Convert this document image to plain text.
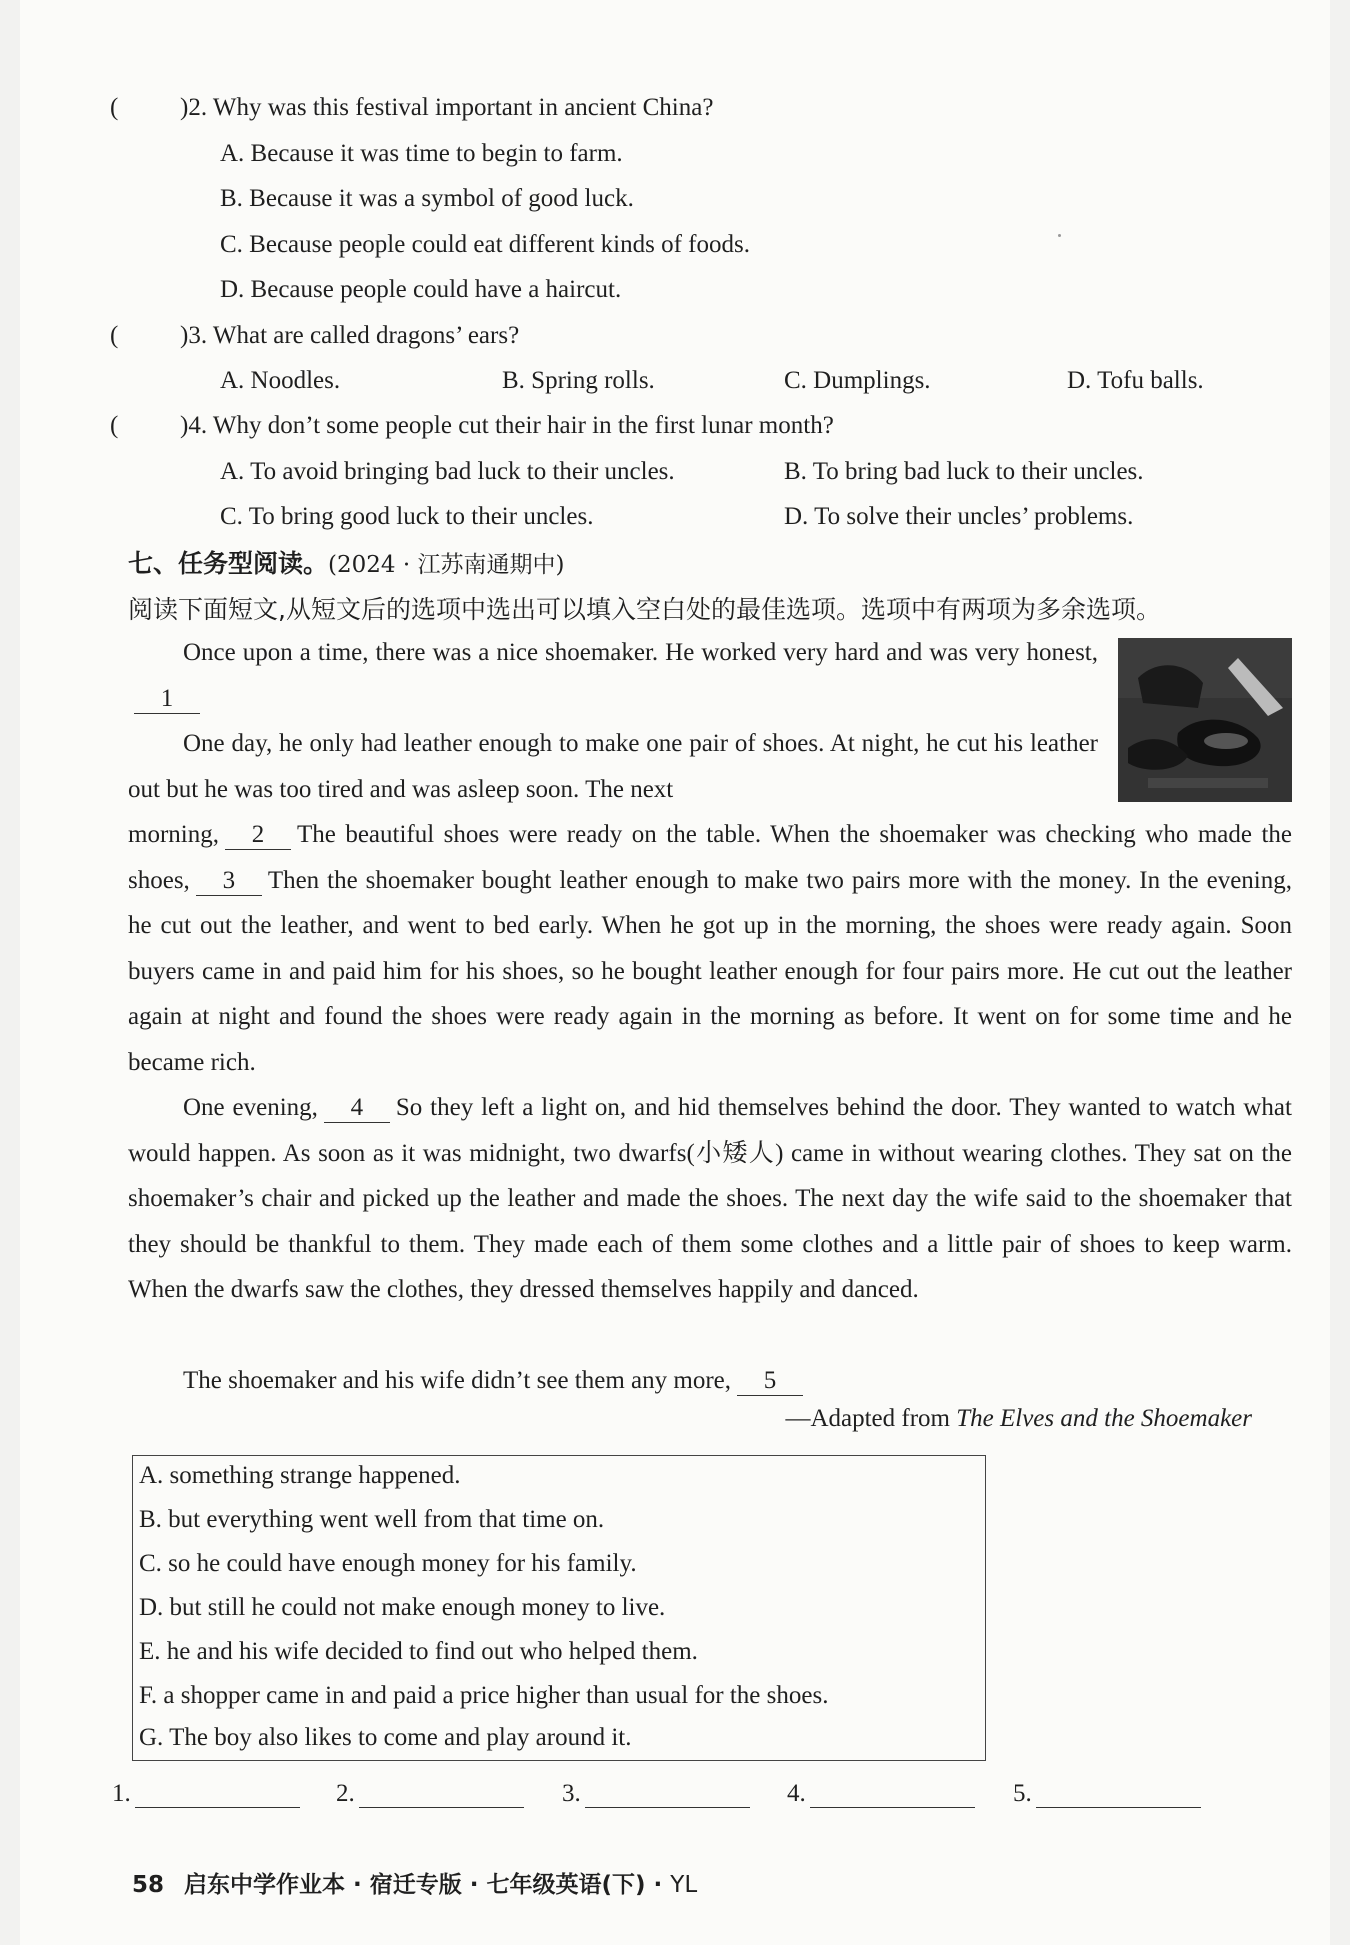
( )2. Why was this festival important in ancient China?
A. Because it was time to begin to farm.
B. Because it was a symbol of good luck.
C. Because people could eat different kinds of foods.
D. Because people could have a haircut.
( )3. What are called dragons’ ears?
A. Noodles.	B. Spring rolls.	C. Dumplings.	D. Tofu balls.
( )4. Why don’t some people cut their hair in the first lunar month?
A. To avoid bringing bad luck to their uncles.	B. To bring bad luck to their uncles.
C. To bring good luck to their uncles.	D. To solve their uncles’ problems.
七、任务型阅读。(2024 · 江苏南通期中)
阅读下面短文,从短文后的选项中选出可以填入空白处的最佳选项。选项中有两项为多余选项。
Once upon a time, there was a nice shoemaker. He worked very hard and was very honest,1
One day, he only had leather enough to make one pair of shoes. At night, he cut his leather out but he was too tired and was asleep soon. The next
morning, 2 The beautiful shoes were ready on the table. When the shoemaker was checking who made the shoes, 3 Then the shoemaker bought leather enough to make two pairs more with the money. In the evening, he cut out the leather, and went to bed early. When he got up in the morning, the shoes were ready again. Soon buyers came in and paid him for his shoes, so he bought leather enough for four pairs more. He cut out the leather again at night and found the shoes were ready again in the morning as before. It went on for some time and he became rich.
One evening, 4 So they left a light on, and hid themselves behind the door. They wanted to watch what would happen. As soon as it was midnight, two dwarfs(小矮人) came in without wearing clothes. They sat on the shoemaker’s chair and picked up the leather and made the shoes. The next day the wife said to the shoemaker that they should be thankful to them. They made each of them some clothes and a little pair of shoes to keep warm. When the dwarfs saw the clothes, they dressed themselves happily and danced.
The shoemaker and his wife didn’t see them any more, 5
—Adapted from The Elves and the Shoemaker
A. something strange happened.
B. but everything went well from that time on.
C. so he could have enough money for his family.
D. but still he could not make enough money to live.
E. he and his wife decided to find out who helped them.
F. a shopper came in and paid a price higher than usual for the shoes.
G. The boy also likes to come and play around it.
1.	2.	3.	4.	5.
58 启东中学作业本 · 宿迁专版 · 七年级英语(下) · YL
